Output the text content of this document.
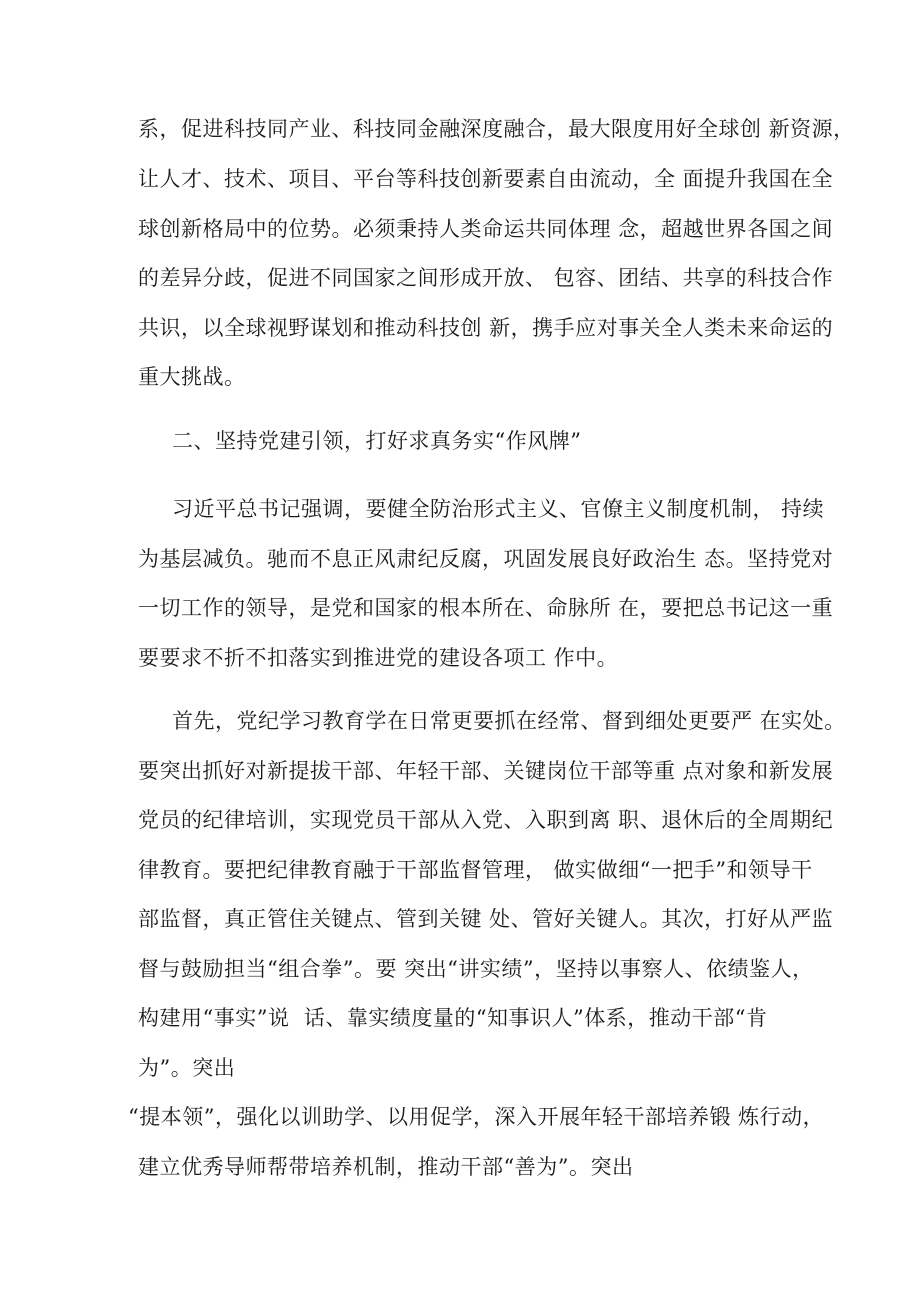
系，促进科技同产业、科技同金融深度融合，最大限度用好全球创 新资源，
让人才、技术、项目、平台等科技创新要素自由流动，全 面提升我国在全
球创新格局中的位势。必须秉持人类命运共同体理 念，超越世界各国之间
的差异分歧，促进不同国家之间形成开放、 包容、团结、共享的科技合作
共识，以全球视野谋划和推动科技创 新，携手应对事关全人类未来命运的
重大挑战。
二、坚持党建引领，打好求真务实“作风牌”
习近平总书记强调，要健全防治形式主义、官僚主义制度机制， 持续
为基层减负。驰而不息正风肃纪反腐，巩固发展良好政治生 态。坚持党对
一切工作的领导，是党和国家的根本所在、命脉所 在，要把总书记这一重
要要求不折不扣落实到推进党的建设各项工 作中。
首先，党纪学习教育学在日常更要抓在经常、督到细处更要严 在实处。
要突出抓好对新提拔干部、年轻干部、关键岗位干部等重 点对象和新发展
党员的纪律培训，实现党员干部从入党、入职到离 职、退休后的全周期纪
律教育。要把纪律教育融于干部监督管理， 做实做细“一把手”和领导干
部监督，真正管住关键点、管到关键 处、管好关键人。其次，打好从严监
督与鼓励担当“组合拳”。要 突出“讲实绩”，坚持以事察人、依绩鉴人，
构建用“事实”说  话、靠实绩度量的“知事识人”体系，推动干部“肯
为”。突出
“提本领”，强化以训助学、以用促学，深入开展年轻干部培养锻 炼行动，
建立优秀导师帮带培养机制，推动干部“善为”。突出
